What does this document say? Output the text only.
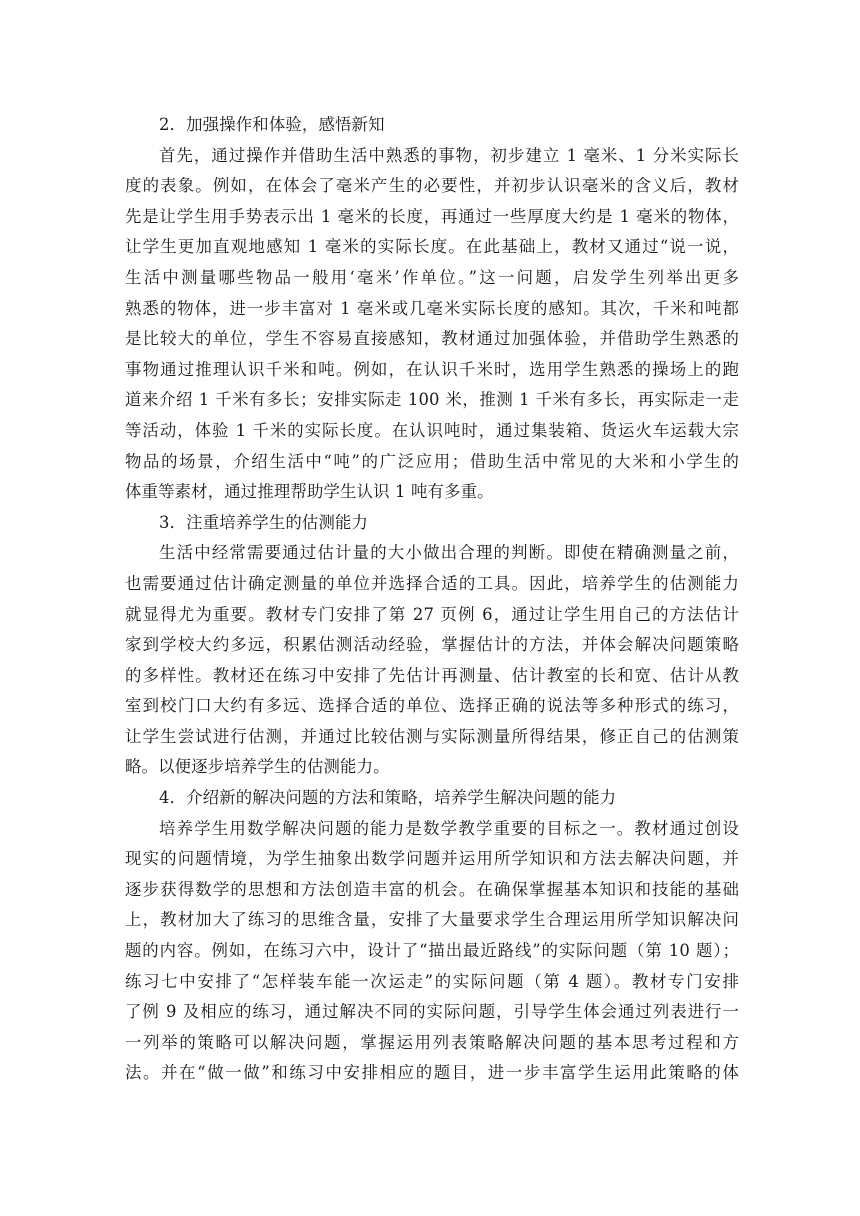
2．加强操作和体验，感悟新知

首先，通过操作并借助生活中熟悉的事物，初步建立 1 毫米、1 分米实际长

度的表象。例如，在体会了毫米产生的必要性，并初步认识毫米的含义后，教材

先是让学生用手势表示出 1 毫米的长度，再通过一些厚度大约是 1 毫米的物体，

让学生更加直观地感知 1 毫米的实际长度。在此基础上，教材又通过“说一说，

生活中测量哪些物品一般用‘毫米’作单位。”这一问题，启发学生列举出更多

熟悉的物体，进一步丰富对 1 毫米或几毫米实际长度的感知。其次，千米和吨都

是比较大的单位，学生不容易直接感知，教材通过加强体验，并借助学生熟悉的

事物通过推理认识千米和吨。例如，在认识千米时，选用学生熟悉的操场上的跑

道来介绍 1 千米有多长；安排实际走 100 米，推测 1 千米有多长，再实际走一走

等活动，体验 1 千米的实际长度。在认识吨时，通过集装箱、货运火车运载大宗

物品的场景，介绍生活中“吨”的广泛应用；借助生活中常见的大米和小学生的

体重等素材，通过推理帮助学生认识 1 吨有多重。

3．注重培养学生的估测能力

生活中经常需要通过估计量的大小做出合理的判断。即使在精确测量之前，

也需要通过估计确定测量的单位并选择合适的工具。因此，培养学生的估测能力

就显得尤为重要。教材专门安排了第 27 页例 6，通过让学生用自己的方法估计

家到学校大约多远，积累估测活动经验，掌握估计的方法，并体会解决问题策略

的多样性。教材还在练习中安排了先估计再测量、估计教室的长和宽、估计从教

室到校门口大约有多远、选择合适的单位、选择正确的说法等多种形式的练习，

让学生尝试进行估测，并通过比较估测与实际测量所得结果，修正自己的估测策

略。以便逐步培养学生的估测能力。

4．介绍新的解决问题的方法和策略，培养学生解决问题的能力

培养学生用数学解决问题的能力是数学教学重要的目标之一。教材通过创设

现实的问题情境，为学生抽象出数学问题并运用所学知识和方法去解决问题，并

逐步获得数学的思想和方法创造丰富的机会。在确保掌握基本知识和技能的基础

上，教材加大了练习的思维含量，安排了大量要求学生合理运用所学知识解决问

题的内容。例如，在练习六中，设计了“描出最近路线”的实际问题（第 10 题）；

练习七中安排了“怎样装车能一次运走”的实际问题（第 4 题）。教材专门安排

了例 9 及相应的练习，通过解决不同的实际问题，引导学生体会通过列表进行一

一列举的策略可以解决问题，掌握运用列表策略解决问题的基本思考过程和方

法。并在“做一做”和练习中安排相应的题目，进一步丰富学生运用此策略的体
